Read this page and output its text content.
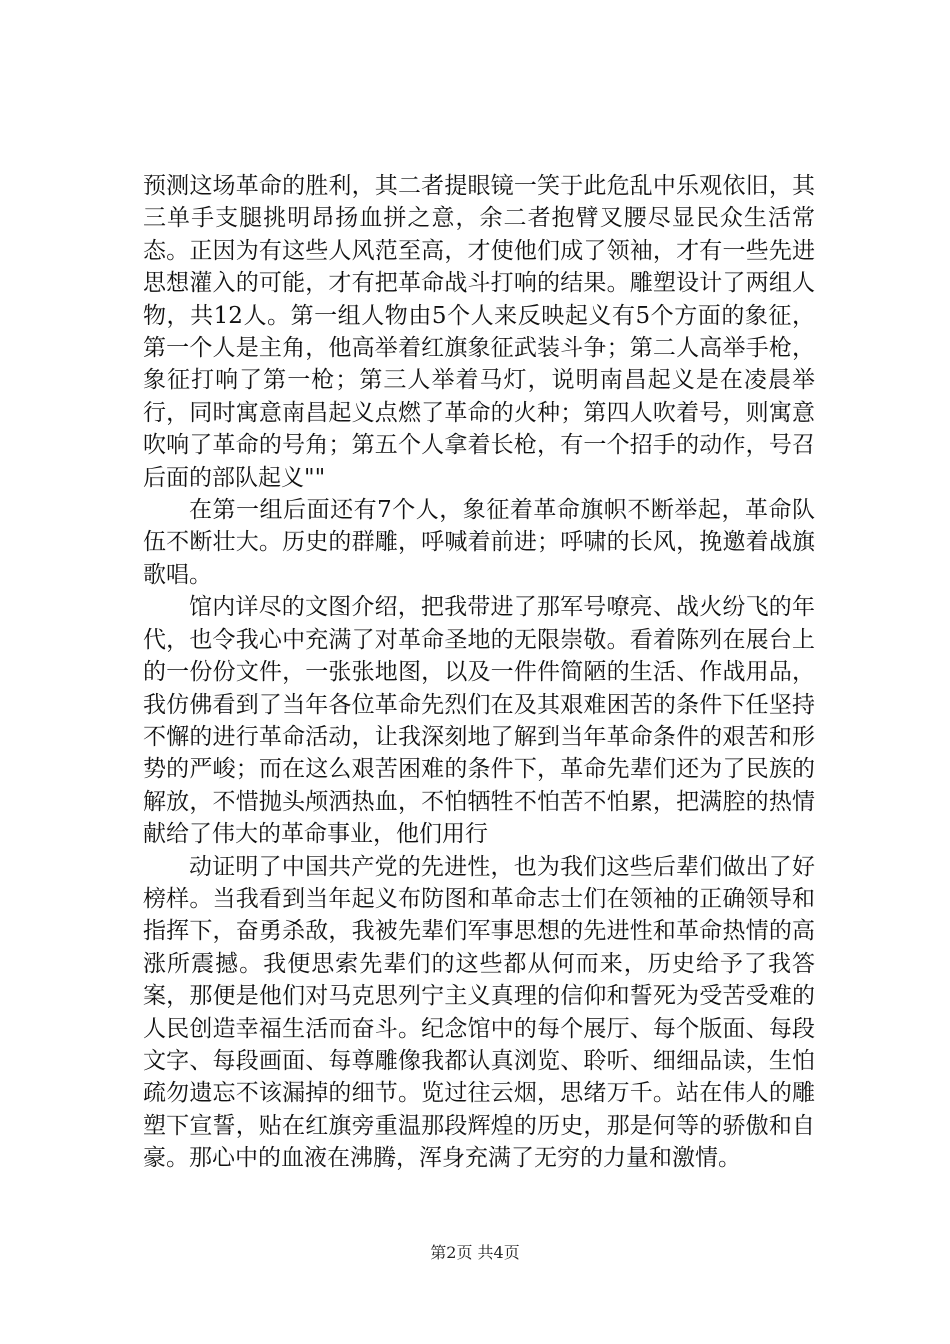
预测这场革命的胜利，其二者提眼镜一笑于此危乱中乐观依旧，其三单手支腿挑明昂扬血拼之意，余二者抱臂叉腰尽显民众生活常态。正因为有这些人风范至高，才使他们成了领袖，才有一些先进思想灌入的可能，才有把革命战斗打响的结果。雕塑设计了两组人物，共12人。第一组人物由5个人来反映起义有5个方面的象征，第一个人是主角，他高举着红旗象征武装斗争；第二人高举手枪，象征打响了第一枪；第三人举着马灯，说明南昌起义是在凌晨举行，同时寓意南昌起义点燃了革命的火种；第四人吹着号，则寓意吹响了革命的号角；第五个人拿着长枪，有一个招手的动作，号召后面的部队起义""

在第一组后面还有7个人，象征着革命旗帜不断举起，革命队伍不断壮大。历史的群雕，呼喊着前进；呼啸的长风，挽邀着战旗歌唱。

馆内详尽的文图介绍，把我带进了那军号嘹亮、战火纷飞的年代，也令我心中充满了对革命圣地的无限崇敬。看着陈列在展台上的一份份文件，一张张地图，以及一件件简陋的生活、作战用品，我仿佛看到了当年各位革命先烈们在及其艰难困苦的条件下任坚持不懈的进行革命活动，让我深刻地了解到当年革命条件的艰苦和形势的严峻；而在这么艰苦困难的条件下，革命先辈们还为了民族的解放，不惜抛头颅洒热血，不怕牺牲不怕苦不怕累，把满腔的热情献给了伟大的革命事业，他们用行

动证明了中国共产党的先进性，也为我们这些后辈们做出了好榜样。当我看到当年起义布防图和革命志士们在领袖的正确领导和指挥下，奋勇杀敌，我被先辈们军事思想的先进性和革命热情的高涨所震撼。我便思索先辈们的这些都从何而来，历史给予了我答案，那便是他们对马克思列宁主义真理的信仰和誓死为受苦受难的人民创造幸福生活而奋斗。纪念馆中的每个展厅、每个版面、每段文字、每段画面、每尊雕像我都认真浏览、聆听、细细品读，生怕疏勿遗忘不该漏掉的细节。览过往云烟，思绪万千。站在伟人的雕塑下宣誓，贴在红旗旁重温那段辉煌的历史，那是何等的骄傲和自豪。那心中的血液在沸腾，浑身充满了无穷的力量和激情。

第2页 共4页
